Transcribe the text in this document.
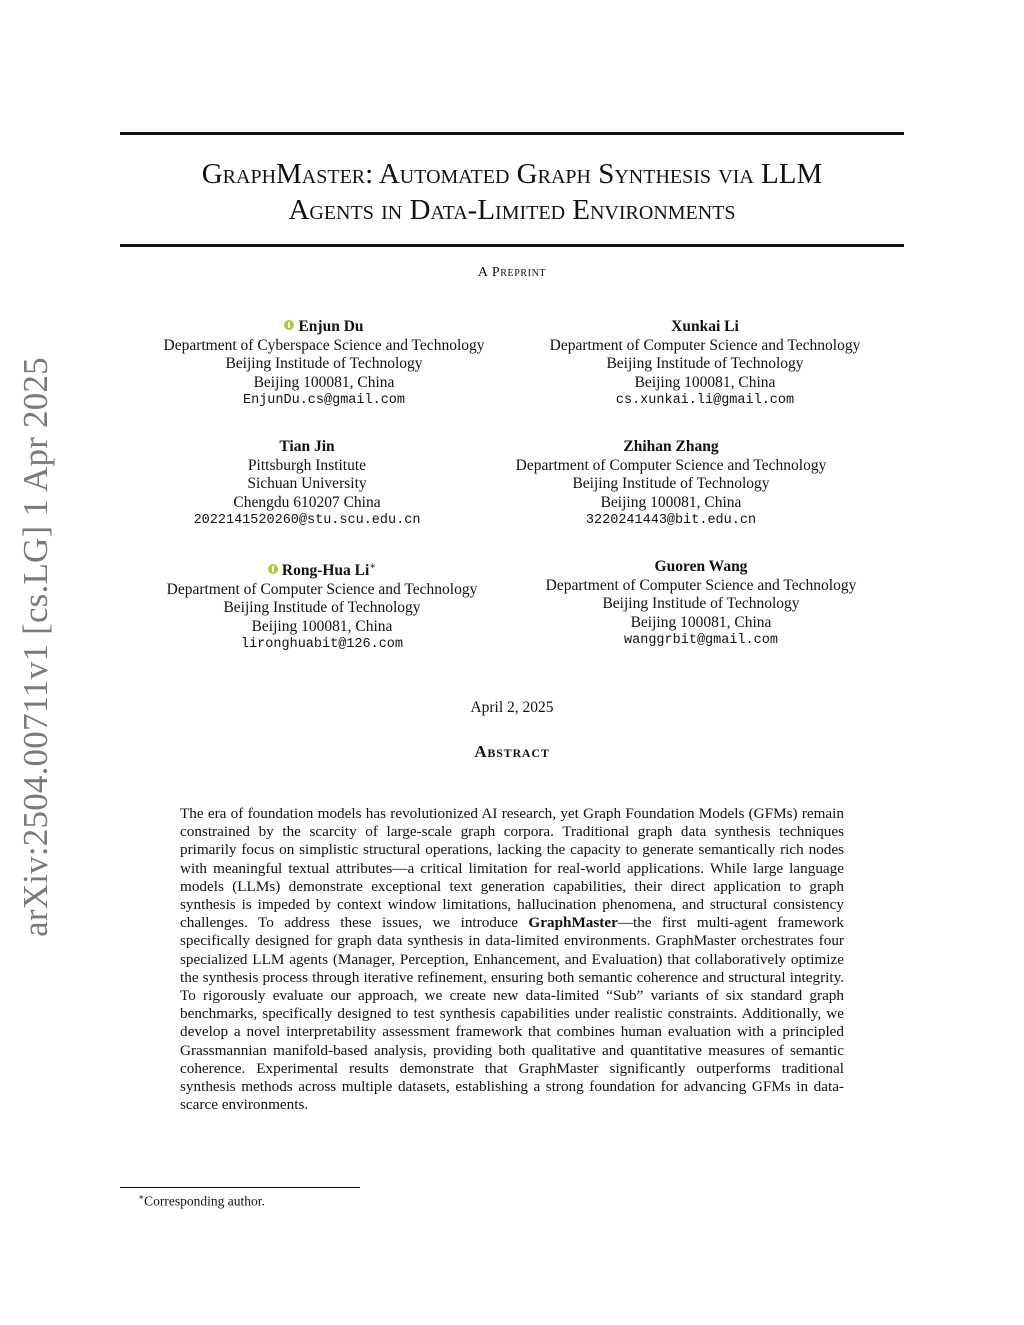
arXiv:2504.00711v1 [cs.LG] 1 Apr 2025
GraphMaster: Automated Graph Synthesis via LLM
Agents in Data-Limited Environments
A Preprint
Enjun Du
Department of Cyberspace Science and Technology
Beijing Institude of Technology
Beijing 100081, China
EnjunDu.cs@gmail.com
Xunkai Li
Department of Computer Science and Technology
Beijing Institude of Technology
Beijing 100081, China
cs.xunkai.li@gmail.com
Tian Jin
Pittsburgh Institute
Sichuan University
Chengdu 610207 China
2022141520260@stu.scu.edu.cn
Zhihan Zhang
Department of Computer Science and Technology
Beijing Institude of Technology
Beijing 100081, China
3220241443@bit.edu.cn
Rong-Hua Li∗
Department of Computer Science and Technology
Beijing Institude of Technology
Beijing 100081, China
lironghuabit@126.com
Guoren Wang
Department of Computer Science and Technology
Beijing Institude of Technology
Beijing 100081, China
wanggrbit@gmail.com
April 2, 2025
Abstract
The era of foundation models has revolutionized AI research, yet Graph Foundation Models (GFMs) remain constrained by the scarcity of large-scale graph corpora. Traditional graph data synthesis techniques primarily focus on simplistic structural operations, lacking the capacity to generate semantically rich nodes with meaningful textual attributes—a critical limitation for real-world applications. While large language models (LLMs) demonstrate exceptional text generation capabilities, their direct application to graph synthesis is impeded by context window limitations, hallucination phenomena, and structural consistency challenges. To address these issues, we introduce GraphMaster—the first multi-agent framework specifically designed for graph data synthesis in data-limited environments. GraphMaster orchestrates four specialized LLM agents (Manager, Perception, Enhancement, and Evaluation) that collaboratively optimize the synthesis process through iterative refinement, ensuring both semantic coherence and structural integrity. To rigorously evaluate our approach, we create new data-limited “Sub” variants of six standard graph benchmarks, specifically designed to test synthesis capabilities under realistic constraints. Additionally, we develop a novel interpretability assessment framework that combines human evaluation with a principled Grassmannian manifold-based analysis, providing both qualitative and quantitative measures of semantic coherence. Experimental results demonstrate that GraphMaster significantly outperforms traditional synthesis methods across multiple datasets, establishing a strong foundation for advancing GFMs in data-scarce environments.
∗Corresponding author.
